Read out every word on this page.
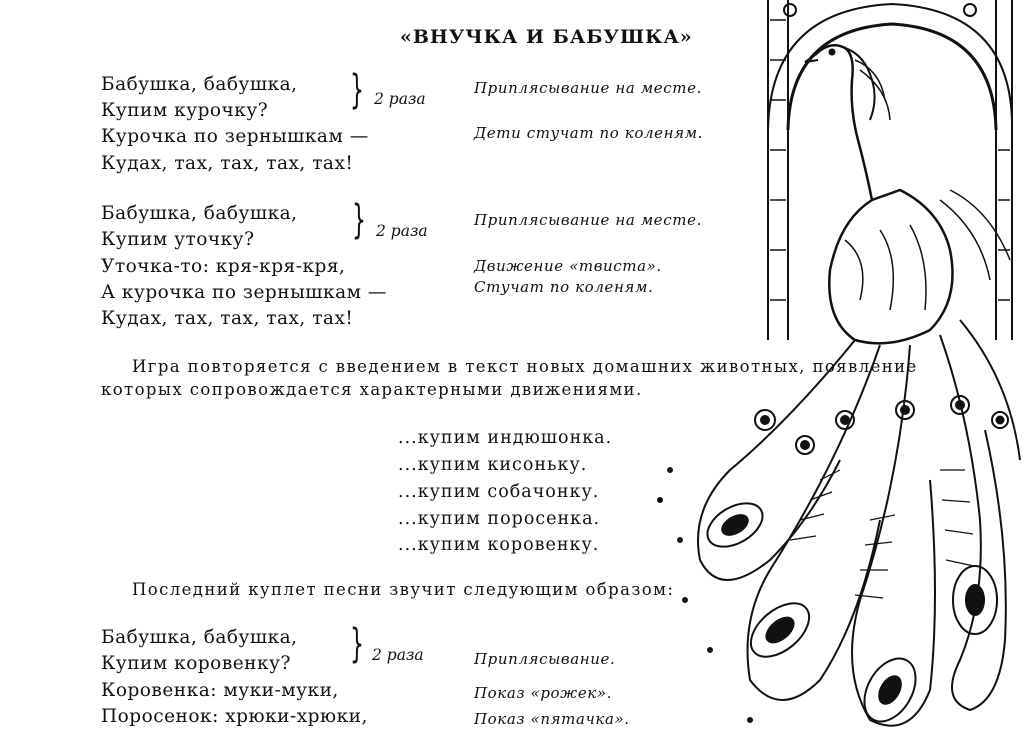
«ВНУЧКА И БАБУШКА»
Бабушка, бабушка,
Купим курочку? } 2 раза
Курочка по зернышкам —
Кудах, тах, тах, тах, тах!
Приплясывание на месте.
Дети стучат по коленям.
Бабушка, бабушка,
Купим уточку? } 2 раза
Уточка-то: кря-кря-кря,
А курочка по зернышкам —
Кудах, тах, тах, тах, тах!
Приплясывание на месте.
Движение «твиста».
Стучат по коленям.
Игра повторяется с введением в текст новых домашних животных, появление
которых сопровождается характерными движениями.
...купим индюшонка.
...купим кисоньку.
...купим собачонку.
...купим поросенка.
...купим коровенку.
Последний куплет песни звучит следующим образом:
Бабушка, бабушка,
Купим коровенку? } 2 раза
Коровенка: муки-муки,
Поросенок: хрюки-хрюки,
Приплясывание.
Показ «рожек».
Показ «пятачка».
